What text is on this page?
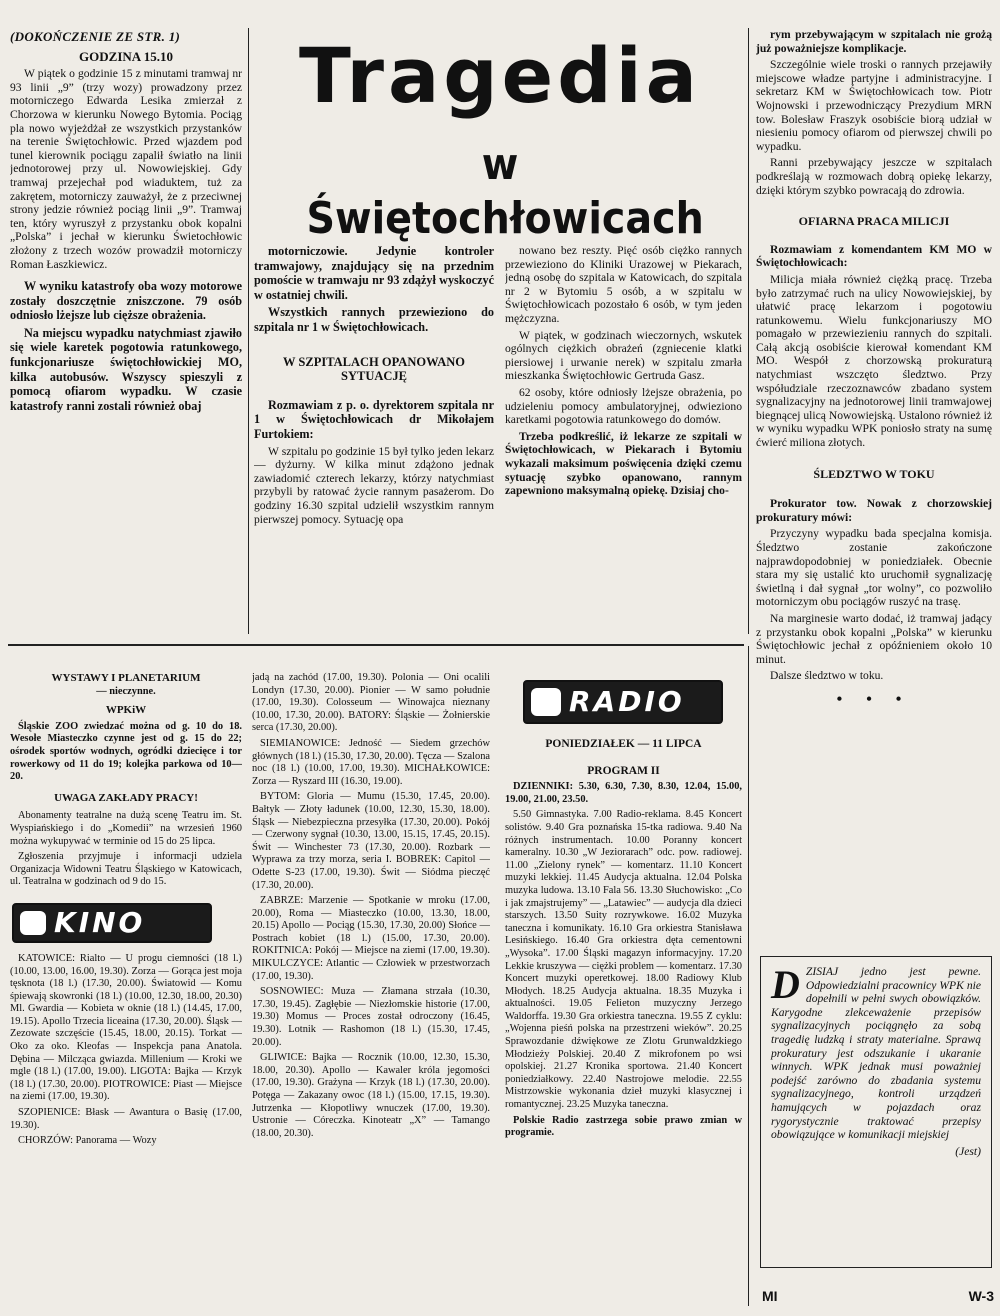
(DOKOŃCZENIE ZE STR. 1)
GODZINA 15.10

W piątek o godzinie 15 z minutami tramwaj nr 93 linii „9” (trzy wozy) prowadzony przez motorniczego Edwarda Lesika zmierzał z Chorzowa w kierunku Nowego Bytomia. Pociąg pla nowo wyjeżdżał ze wszystkich przystanków na terenie Świętochłowic. Przed wjazdem pod tunel kierownik pociągu zapalił światło na linii jednotorowej przy ul. Nowowiejskiej. Gdy tramwaj przejechał pod wiaduktem, tuż za zakrętem, motorniczy zauważył, że z przeciwnej strony jedzie również pociąg linii „9”. Tramwaj ten, który wyruszył z przystanku obok kopalni „Polska” i jechał w kierunku Świetochłowic złożony z trzech wozów prowadził motorniczy Roman Łaszkiewicz.

W wyniku katastrofy oba wozy motorowe zostały doszczętnie zniszczone. 79 osób odniosło lżejsze lub cięższe obrażenia.

Na miejscu wypadku natychmiast zjawiło się wiele karetek pogotowia ratunkowego, funkcjonariusze świętochłowickiej MO, kilka autobusów. Wszyscy spieszyli z pomocą ofiarom wypadku. W czasie katastrofy ranni zostali również obaj

Tragedia
w Świętochłowicach

motorniczowie. Jedynie kontroler tramwajowy, znajdujący się na przednim pomoście w tramwaju nr 93 zdążył wyskoczyć w ostatniej chwili.

Wszystkich rannych przewieziono do szpitala nr 1 w Świętochłowicach.

W SZPITALACH OPANOWANO SYTUACJĘ

Rozmawiam z p. o. dyrektorem szpitala nr 1 w Świętochłowicach dr Mikołajem Furtokiem:

W szpitalu po godzinie 15 był tylko jeden lekarz — dyżurny. W kilka minut zdążono jednak zawiadomić czterech lekarzy, którzy natychmiast przybyli by ratować życie rannym pasażerom. Do godziny 16.30 szpital udzielił wszystkim rannym pierwszej pomocy. Sytuację opa

nowano bez reszty. Pięć osób ciężko rannych przewieziono do Kliniki Urazowej w Piekarach, jedną osobę do szpitala w Katowicach, do szpitala nr 2 w Bytomiu 5 osób, a w szpitalu w Świętochłowicach pozostało 6 osób, w tym jeden mężczyzna.

W piątek, w godzinach wieczornych, wskutek ogólnych ciężkich obrażeń (zgniecenie klatki piersiowej i urwanie nerek) w szpitalu zmarła mieszkanka Świętochłowic Gertruda Gasz.

62 osoby, które odniosły lżejsze obrażenia, po udzieleniu pomocy ambulatoryjnej, odwieziono karetkami pogotowia ratunkowego do domów.

Trzeba podkreślić, iż lekarze ze szpitali w Świętochłowicach, w Piekarach i Bytomiu wykazali maksimum poświęcenia dzięki czemu sytuację szybko opanowano, rannym zapewniono maksymalną opiekę. Dzisiaj cho-

rym przebywającym w szpitalach nie grożą już poważniejsze komplikacje.

Szczególnie wiele troski o rannych przejawiły miejscowe władze partyjne i administracyjne. I sekretarz KM w Świętochłowicach tow. Piotr Wojnowski i przewodniczący Prezydium MRN tow. Bolesław Fraszyk osobiście biorą udział w niesieniu pomocy ofiarom od pierwszej chwili po wypadku.

Ranni przebywający jeszcze w szpitalach podkreślają w rozmowach dobrą opiekę lekarzy, dzięki którym szybko powracają do zdrowia.

OFIARNA PRACA MILICJI

Rozmawiam z komendantem KM MO w Świętochłowicach:

Milicja miała również ciężką pracę. Trzeba było zatrzymać ruch na ulicy Nowowiejskiej, by ułatwić pracę lekarzom i pogotowiu ratunkowemu. Wielu funkcjonariuszy MO pomagało w przewiezieniu rannych do szpitali. Całą akcją osobiście kierował komendant KM MO. Wespół z chorzowską prokuraturą natychmiast wszczęto śledztwo. Przy współudziale rzeczoznawców zbadano system sygnalizacyjny na jednotorowej linii tramwajowej biegnącej ulicą Nowowiejską. Ustalono również iż w wyniku wypadku WPK poniosło straty na sumę ćwierć miliona złotych.

ŚLEDZTWO W TOKU

Prokurator tow. Nowak z chorzowskiej prokuratury mówi:

Przyczyny wypadku bada specjalna komisja. Śledztwo zostanie zakończone najprawdopodobniej w poniedziałek. Obecnie stara my się ustalić kto uruchomił sygnalizację świetlną i dał sygnał „tor wolny”, co pozwoliło motorniczym obu pociągów ruszyć na trasę.

Na marginesie warto dodać, iż tramwaj jadący z przystanku obok kopalni „Polska” w kierunku Świętochłowic jechał z opóźnieniem około 10 minut.

Dalsze śledztwo w toku.

• • •
D ZISIAJ jedno jest pewne. Odpowiedzialni pracownicy WPK nie dopełnili w pełni swych obowiązków. Karygodne zlekceważenie przepisów sygnalizacyjnych pociągnęło za sobą tragedię ludzką i straty materialne. Sprawą prokuratury jest odszukanie i ukaranie winnych. WPK jednak musi poważniej podejść zarówno do zbadania systemu sygnalizacyjnego, kontroli urządzeń hamujących w pojazdach oraz rygorystycznie traktować przepisy obowiązujące w komunikacji miejskiej

(Jest)
WYSTAWY I PLANETARIUM
— nieczynne.
WPKiW

Śląskie ZOO zwiedzać można od g. 10 do 18. Wesołe Miasteczko czynne jest od g. 15 do 22; ośrodek sportów wodnych, ogródki dziecięce i tor rowerkowy od 11 do 19; kolejka parkowa od 10—20.

UWAGA ZAKŁADY PRACY!

Abonamenty teatralne na dużą scenę Teatru im. St. Wyspiańskiego i do „Komedii” na wrzesień 1960 można wykupywać w terminie od 15 do 25 lipca.

Zgłoszenia przyjmuje i informacji udziela Organizacja Widowni Teatru Śląskiego w Katowicach, ul. Teatralna w godzinach od 9 do 15.

KINO

KATOWICE: Rialto — U progu ciemności (18 l.) (10.00, 13.00, 16.00, 19.30). Zorza — Gorąca jest moja tęsknota (18 l.) (17.30, 20.00). Światowid — Komu śpiewają skowronki (18 l.) (10.00, 12.30, 18.00, 20.30) Ml. Gwardia — Kobieta w oknie (18 l.) (14.45, 17.00, 19.15). Apollo Trzecia liceaina (17.30, 20.00). Śląsk — Zezowate szczęście (15.45, 18.00, 20.15). Torkat — Oko za oko. Kleofas — Inspekcja pana Anatola. Dębina — Milcząca gwiazda. Millenium — Kroki we mgle (18 l.) (17.00, 19.00). LIGOTA: Bajka — Krzyk (18 l.) (17.30, 20.00). PIOTROWICE: Piast — Miejsce na ziemi (17.00, 19.30).

SZOPIENICE: Błask — Awantura o Basię (17.00, 19.30).

CHORZÓW: Panorama — Wozy

jadą na zachód (17.00, 19.30). Polonia — Oni ocalili Londyn (17.30, 20.00). Pionier — W samo południe (17.00, 19.30). Colosseum — Winowajca nieznany (10.00, 17.30, 20.00). BATORY: Śląskie — Żołnierskie serca (17.30, 20.00).

SIEMIANOWICE: Jedność — Siedem grzechów głównych (18 l.) (15.30, 17.30, 20.00). Tęcza — Szalona noc (18 l.) (10.00, 17.00, 19.30). MICHAŁKOWICE: Zorza — Ryszard III (16.30, 19.00).

BYTOM: Gloria — Mumu (15.30, 17.45, 20.00). Bałtyk — Złoty ładunek (10.00, 12.30, 15.30, 18.00). Śląsk — Niebezpieczna przesyłka (17.30, 20.00). Pokój — Czerwony sygnał (10.30, 13.00, 15.15, 17.45, 20.15). Świt — Winchester 73 (17.30, 20.00). Rozbark — Wyprawa za trzy morza, seria I. BOBREK: Capitol — Odette S-23 (17.00, 19.30). Świt — Siódma pieczęć (17.30, 20.00).

ZABRZE: Marzenie — Spotkanie w mroku (17.00, 20.00), Roma — Miasteczko (10.00, 13.30, 18.00, 20.15) Apollo — Pociąg (15.30, 17.30, 20.00) Słońce — Postrach kobiet (18 l.) (15.00, 17.30, 20.00). ROKITNICA: Pokój — Miejsce na ziemi (17.00, 19.30). MIKULCZYCE: Atlantic — Człowiek w przestworzach (17.00, 19.30).

SOSNOWIEC: Muza — Złamana strzała (10.30, 17.30, 19.45). Zagłębie — Niezłomskie historie (17.00, 19.30) Momus — Proces został odroczony (16.45, 19.30). Lotnik — Rashomon (18 l.) (15.30, 17.45, 20.00).

GLIWICE: Bajka — Rocznik (10.00, 12.30, 15.30, 18.00, 20.30). Apollo — Kawaler króla jegomości (17.00, 19.30). Grażyna — Krzyk (18 l.) (17.30, 20.00). Potęga — Zakazany owoc (18 l.) (15.00, 17.15, 19.30). Jutrzenka — Kłopotliwy wnuczek (17.00, 19.30). Ustronie — Córeczka. Kinoteatr „X” — Tamango (18.00, 20.30).

RADIO
PONIEDZIAŁEK — 11 LIPCA
PROGRAM II

DZIENNIKI: 5.30, 6.30, 7.30, 8.30, 12.04, 15.00, 19.00, 21.00, 23.50.

5.50 Gimnastyka. 7.00 Radio-reklama. 8.45 Koncert solistów. 9.40 Gra poznańska 15-tka radiowa. 9.40 Na różnych instrumentach. 10.00 Poranny koncert kameralny. 10.30 „W Jeziorarach” odc. pow. radiowej. 11.00 „Zielony rynek” — komentarz. 11.10 Koncert muzyki lekkiej. 11.45 Audycja aktualna. 12.04 Polska muzyka ludowa. 13.10 Fala 56. 13.30 Słuchowisko: „Co i jak zmajstrujemy” — „Latawiec” — audycja dla dzieci starszych. 13.50 Suity rozrywkowe. 16.02 Muzyka taneczna i komunikaty. 16.10 Gra orkiestra Stanisława Lesińskiego. 16.40 Gra orkiestra dęta cementowni „Wysoka”. 17.00 Śląski magazyn informacyjny. 17.20 Lekkie kruszywa — ciężki problem — komentarz. 17.30 Koncert muzyki operetkowej. 18.00 Radiowy Klub Młodych. 18.25 Audycja aktualna. 18.35 Muzyka i aktualności. 19.05 Felieton muzyczny Jerzego Waldorffa. 19.30 Gra orkiestra taneczna. 19.55 Z cyklu: „Wojenna pieśń polska na przestrzeni wieków”. 20.25 Sprawozdanie dźwiękowe ze Zlotu Grunwaldzkiego Młodzieży Polskiej. 20.40 Z mikrofonem po wsi opolskiej. 21.27 Kronika sportowa. 21.40 Koncert poniedziałkowy. 22.40 Nastrojowe melodie. 22.55 Mistrzowskie wykonania dzieł muzyki klasycznej i romantycznej. 23.25 Muzyka taneczna.

Polskie Radio zastrzega sobie prawo zmian w programie.

MI	W-3
